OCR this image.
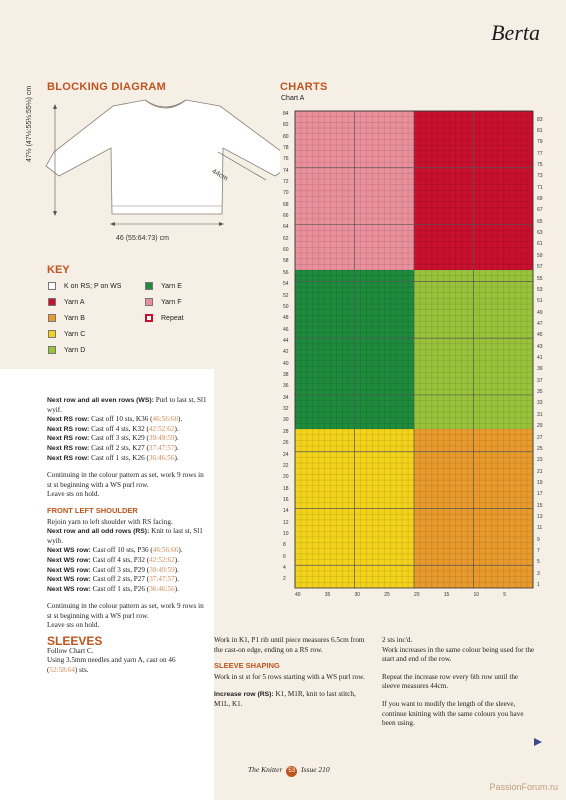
Berta
BLOCKING DIAGRAM
47½ (47½:55½:55½) cm
46 (55:64:73) cm
44cm
KEY
K on RS; P on WS
Yarn A
Yarn B
Yarn C
Yarn D
Yarn E
Yarn F
Repeat
CHARTS
Chart A
2
4
6
8
10
12
14
16
18
20
22
24
26
28
30
32
34
36
38
40
42
44
46
48
50
52
54
56
58
60
62
64
66
68
70
72
74
76
78
80
82
84
1
3
5
7
9
11
13
15
17
19
21
23
25
27
29
31
33
35
37
39
41
43
45
47
49
51
53
55
57
59
61
63
65
67
69
71
73
75
77
79
81
83
40	35	30	25	20	15	10	5
Next row and all even rows (WS): Purl to last st, Sl1 wyif.
Next RS row: Cast off 10 sts, K36 (46:56:66).
Next RS row: Cast off 4 sts, K32 (42:52:62).
Next RS row: Cast off 3 sts, K29 (39:49:59).
Next RS row: Cast off 2 sts, K27 (37:47:57).
Next RS row: Cast off 1 sts, K26 (36:46:56).
Continuing in the colour pattern as set, work 9 rows in st st beginning with a WS purl row.
Leave sts on hold.
FRONT LEFT SHOULDER
Rejoin yarn to left shoulder with RS facing.
Next row and all odd rows (RS): Knit to last st, Sl1 wyib.
Next WS row: Cast off 10 sts, P36 (46:56:66).
Next WS row: Cast off 4 sts, P32 (42:52:62).
Next WS row: Cast off 3 sts, P29 (39:49:59).
Next WS row: Cast off 2 sts, P27 (37:47:57).
Next WS row: Cast off 1 sts, P26 (36:46:56).
Continuing in the colour pattern as set, work 9 rows in st st beginning with a WS purl row.
Leave sts on hold.
SLEEVES
Follow Chart C.
Using 3.5mm needles and yarn A, cast on 46 (52:58:64) sts.
Work in K1, P1 rib until piece measures 6.5cm from the cast-on edge, ending on a RS row.
SLEEVE SHAPING
Work in st st for 5 rows starting with a WS purl row.
Increase row (RS): K1, M1R, knit to last stitch, M1L, K1.
2 sts inc'd.
Work increases in the same colour being used for the start and end of the row.
Repeat the increase row every 6th row until the sleeve measures 44cm.
If you want to modify the length of the sleeve, continue knitting with the same colours you have been using.
The Knitter 53 Issue 210
PassionForum.ru
